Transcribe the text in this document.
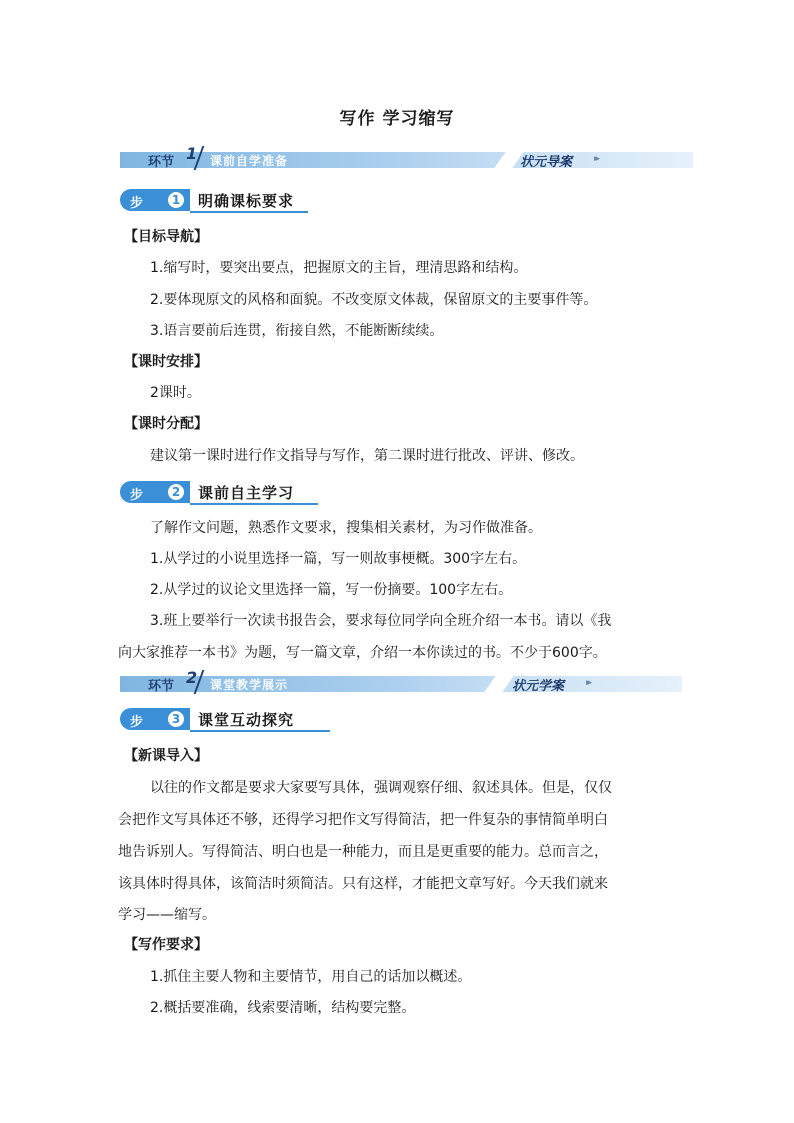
写作 学习缩写
环节 1 课前自学准备	状元导案 ▸▸
步骤
1 明确课标要求
【目标导航】
1.缩写时，要突出要点，把握原文的主旨，理清思路和结构。
2.要体现原文的风格和面貌。不改变原文体裁，保留原文的主要事件等。
3.语言要前后连贯，衔接自然，不能断断续续。
【课时安排】
2课时。
【课时分配】
建议第一课时进行作文指导与写作，第二课时进行批改、评讲、修改。
步骤
2 课前自主学习
了解作文问题，熟悉作文要求，搜集相关素材，为习作做准备。
1.从学过的小说里选择一篇，写一则故事梗概。300字左右。
2.从学过的议论文里选择一篇，写一份摘要。100字左右。
3.班上要举行一次读书报告会，要求每位同学向全班介绍一本书。请以《我
向大家推荐一本书》为题，写一篇文章，介绍一本你读过的书。不少于600字。
环节 2 课堂教学展示	状元学案 ▸▸
步骤
3 课堂互动探究
【新课导入】
以往的作文都是要求大家要写具体，强调观察仔细、叙述具体。但是，仅仅
会把作文写具体还不够，还得学习把作文写得简洁，把一件复杂的事情简单明白
地告诉别人。写得简洁、明白也是一种能力，而且是更重要的能力。总而言之，
该具体时得具体，该简洁时须简洁。只有这样，才能把文章写好。今天我们就来
学习——缩写。
【写作要求】
1.抓住主要人物和主要情节，用自己的话加以概述。
2.概括要准确，线索要清晰，结构要完整。
